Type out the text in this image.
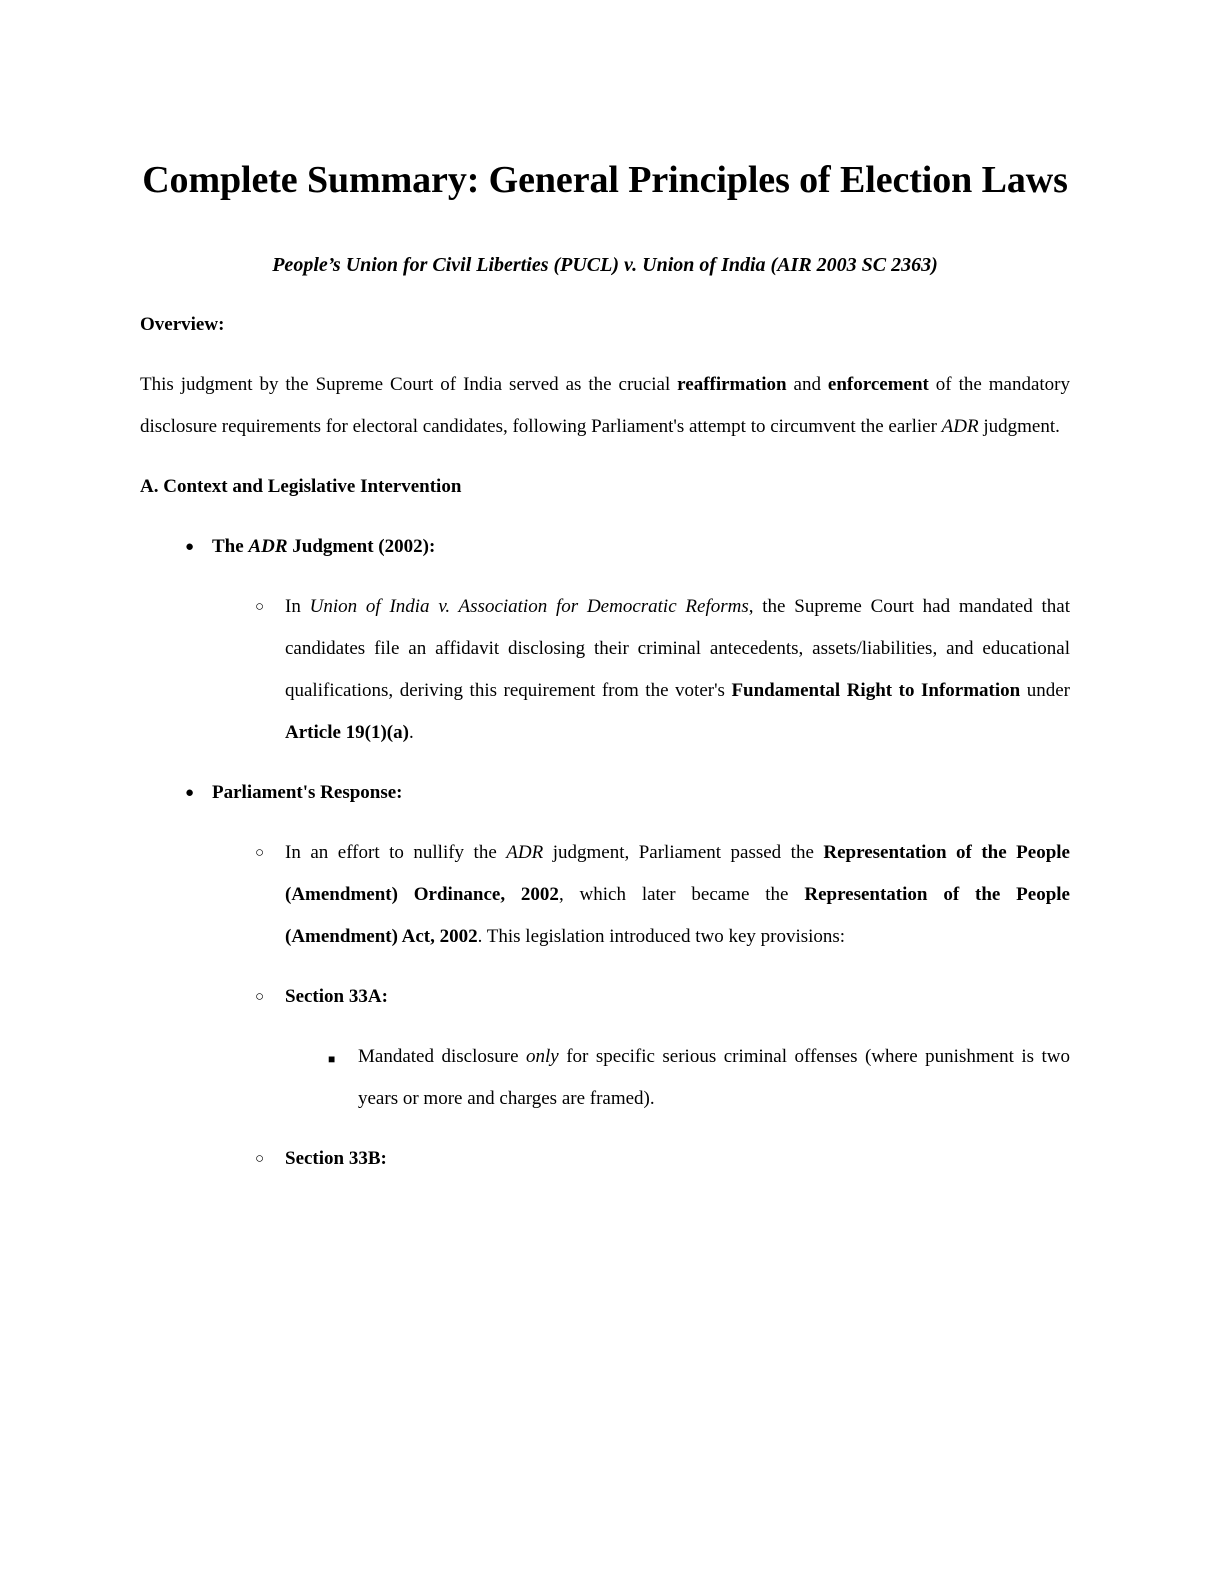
Complete Summary: General Principles of Election Laws

People’s Union for Civil Liberties (PUCL) v. Union of India (AIR 2003 SC 2363)

Overview:

This judgment by the Supreme Court of India served as the crucial reaffirmation and enforcement of the mandatory disclosure requirements for electoral candidates, following Parliament's attempt to circumvent the earlier ADR judgment.

A. Context and Legislative Intervention

● The ADR Judgment (2002):
○	In Union of India v. Association for Democratic Reforms, the Supreme Court had mandated that candidates file an affidavit disclosing their criminal antecedents, assets/liabilities, and educational qualifications, deriving this requirement from the voter's Fundamental Right to Information under Article 19(1)(a).
● Parliament's Response:
○	In an effort to nullify the ADR judgment, Parliament passed the Representation of the People (Amendment) Ordinance, 2002, which later became the Representation of the People (Amendment) Act, 2002. This legislation introduced two key provisions:
○	Section 33A:
■	Mandated disclosure only for specific serious criminal offenses (where punishment is two years or more and charges are framed).
○	Section 33B:
